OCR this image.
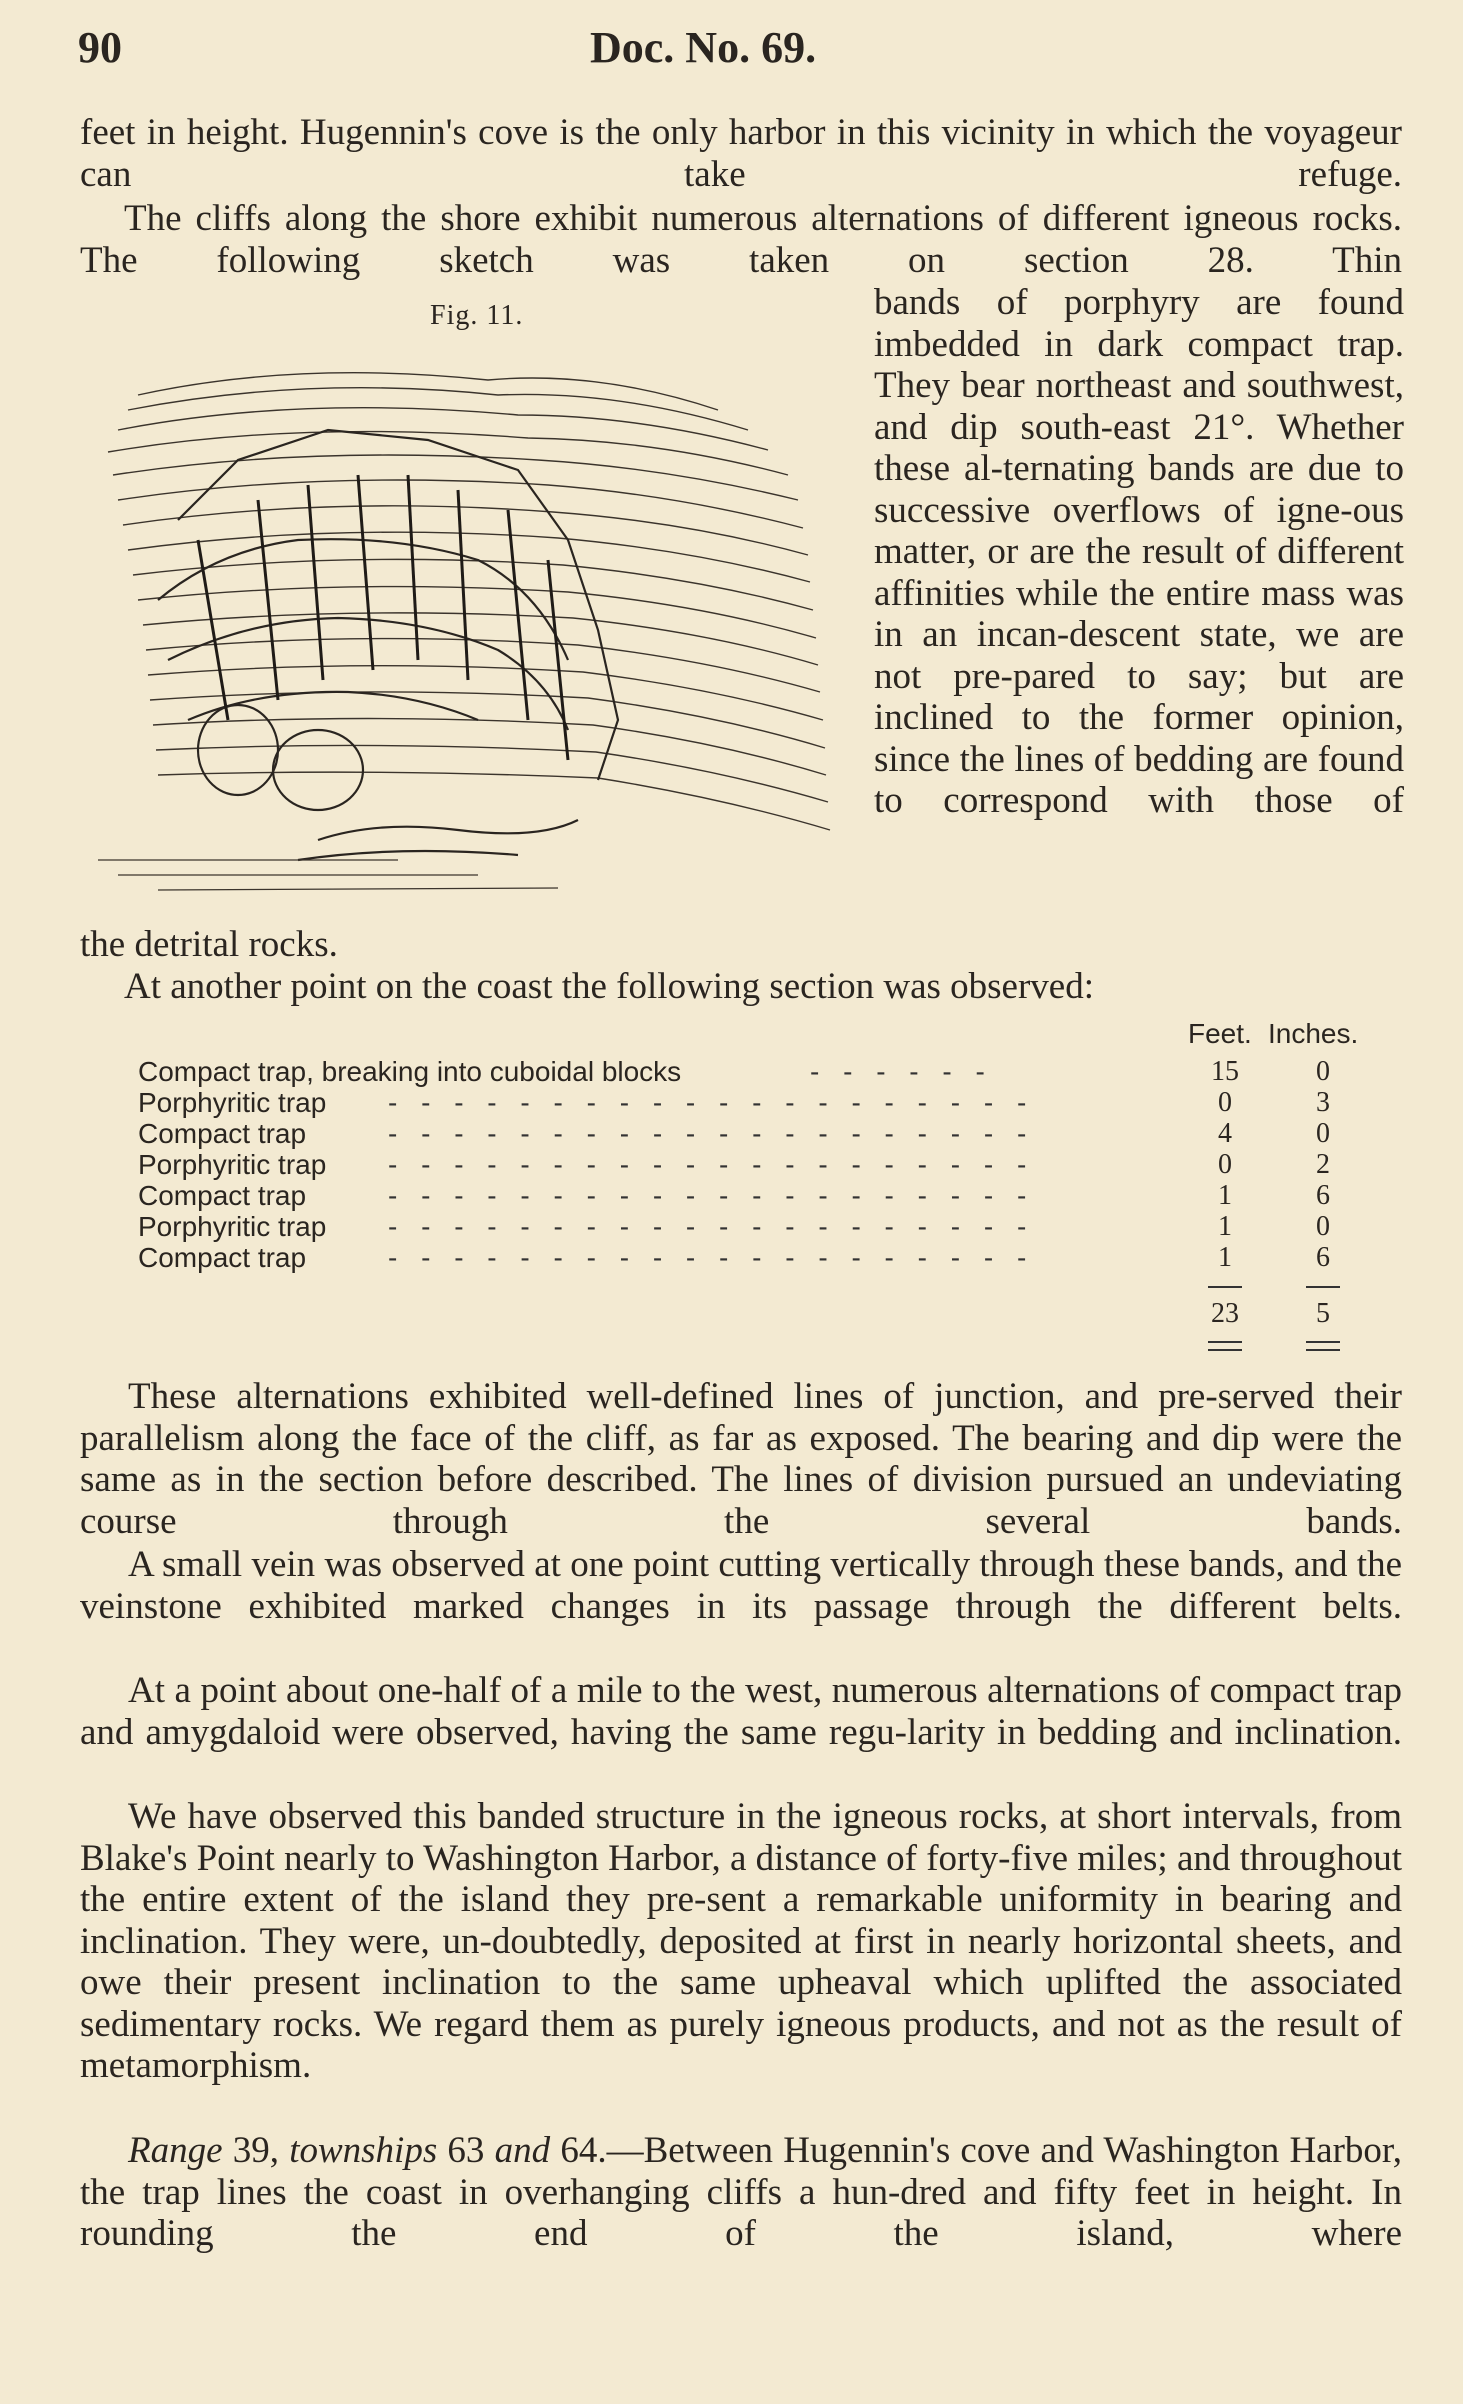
90	Doc. No. 69.

feet in height. Hugennin's cove is the only harbor in this vicinity in which the voyageur can take refuge.

The cliffs along the shore exhibit numerous alternations of different igneous rocks. The following sketch was taken on section 28. Thin

Fig. 11.	bands of porphyry are found imbedded in dark compact trap. They bear northeast and southwest, and dip south-east 21°. Whether these al-ternating bands are due to successive overflows of igne-ous matter, or are the result of different affinities while the entire mass was in an incan-descent state, we are not pre-pared to say; but are inclined to the former opinion, since the lines of bedding are found to correspond with those of

the detrital rocks.

At another point on the coast the following section was observed:

Feet. Inches.
Compact trap, breaking into cuboidal blocks	- - - - - -	15	0
Porphyritic trap - - - - - - - - - - - - - - - - - - - -	0	3
Compact trap	- - - - - - - - - - - - - - - - - - - -	4	0
Porphyritic trap - - - - - - - - - - - - - - - - - - - -	0	2
Compact trap	- - - - - - - - - - - - - - - - - - - -	1	6
Porphyritic trap - - - - - - - - - - - - - - - - - - - -	1	0
Compact trap	- - - - - - - - - - - - - - - - - - - -	1	6
23	5

These alternations exhibited well-defined lines of junction, and pre-served their parallelism along the face of the cliff, as far as exposed. The bearing and dip were the same as in the section before described. The lines of division pursued an undeviating course through the several bands.

A small vein was observed at one point cutting vertically through these bands, and the veinstone exhibited marked changes in its passage through the different belts.

At a point about one-half of a mile to the west, numerous alternations of compact trap and amygdaloid were observed, having the same regu-larity in bedding and inclination.

We have observed this banded structure in the igneous rocks, at short intervals, from Blake's Point nearly to Washington Harbor, a distance of forty-five miles; and throughout the entire extent of the island they pre-sent a remarkable uniformity in bearing and inclination. They were, un-doubtedly, deposited at first in nearly horizontal sheets, and owe their present inclination to the same upheaval which uplifted the associated sedimentary rocks. We regard them as purely igneous products, and not as the result of metamorphism.

Range 39, townships 63 and 64.—Between Hugennin's cove and Washington Harbor, the trap lines the coast in overhanging cliffs a hun-dred and fifty feet in height. In rounding the end of the island, where
